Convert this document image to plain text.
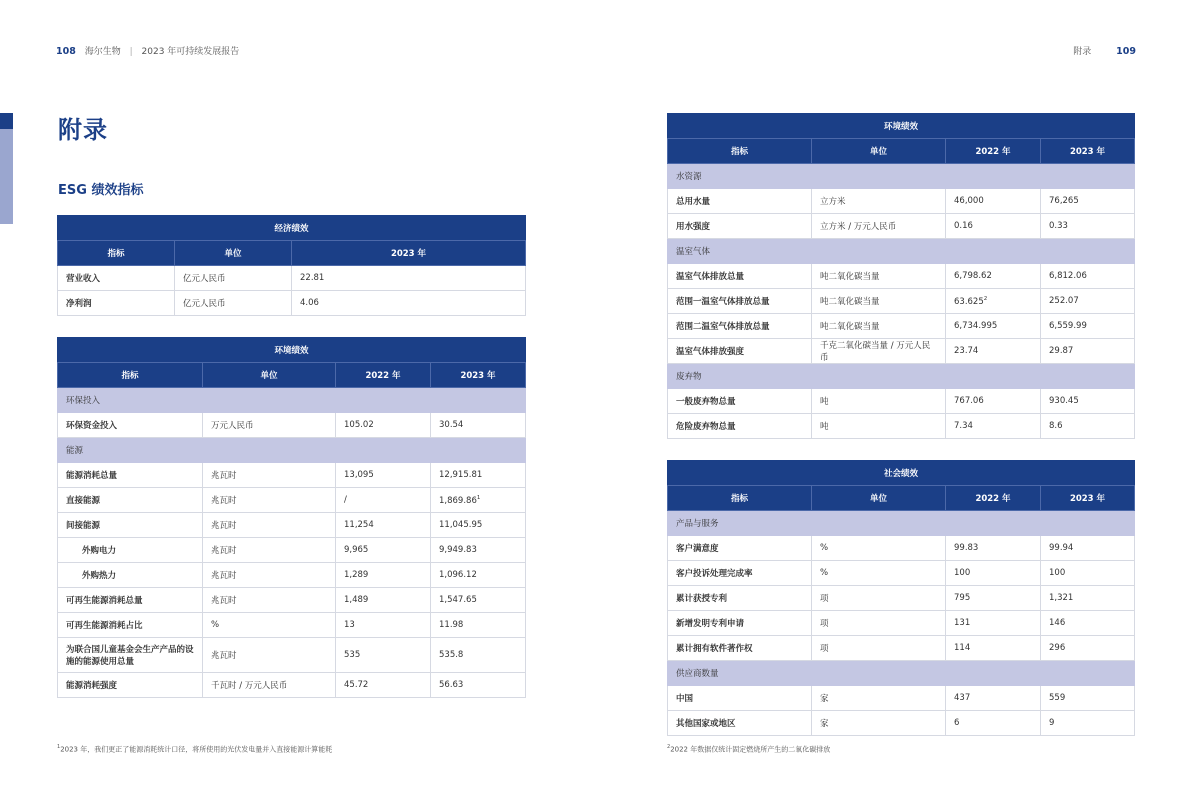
108 海尔生物 | 2023 年可持续发展报告	附录	109
附录
ESG 绩效指标
经济绩效		
指标	单位	2023 年
营业收入	亿元人民币	22.81
净利润	亿元人民币	4.06
环境绩效			
指标	单位	2022 年	2023 年
环保投入			
环保资金投入	万元人民币	105.02	30.54
能源			
能源消耗总量	兆瓦时	13,095	12,915.81
直接能源	兆瓦时	/	1,869.86$^1$
间接能源	兆瓦时	11,254	11,045.95
外购电力	兆瓦时	9,965	9,949.83
外购热力	兆瓦时	1,289	1,096.12
可再生能源消耗总量	兆瓦时	1,489	1,547.65
可再生能源消耗占比	%	13	11.98
为联合国儿童基金会生产产品的设施的能源使用总量	兆瓦时	535	535.8
能源消耗强度	千瓦时 / 万元人民币	45.72	56.63
环境绩效			
指标	单位	2022 年	2023 年
水资源			
总用水量	立方米	46,000	76,265
用水强度	立方米 / 万元人民币	0.16	0.33
温室气体			
温室气体排放总量	吨二氧化碳当量	6,798.62	6,812.06
范围一温室气体排放总量	吨二氧化碳当量	63.625$^2$	252.07
范围二温室气体排放总量	吨二氧化碳当量	6,734.995	6,559.99
温室气体排放强度	千克二氧化碳当量 / 万元人民币	23.74	29.87
废弃物			
一般废弃物总量	吨	767.06	930.45
危险废弃物总量	吨	7.34	8.6
社会绩效			
指标	单位	2022 年	2023 年
产品与服务			
客户满意度	%	99.83	99.94
客户投诉处理完成率	%	100	100
累计获授专利	项	795	1,321
新增发明专利申请	项	131	146
累计拥有软件著作权	项	114	296
供应商数量			
中国	家	437	559
其他国家或地区	家	6	9
$^1$2023 年，我们更正了能源消耗统计口径，将所使用的光伏发电量并入直接能源计算能耗	$^2$2022 年数据仅统计固定燃烧所产生的二氧化碳排放
